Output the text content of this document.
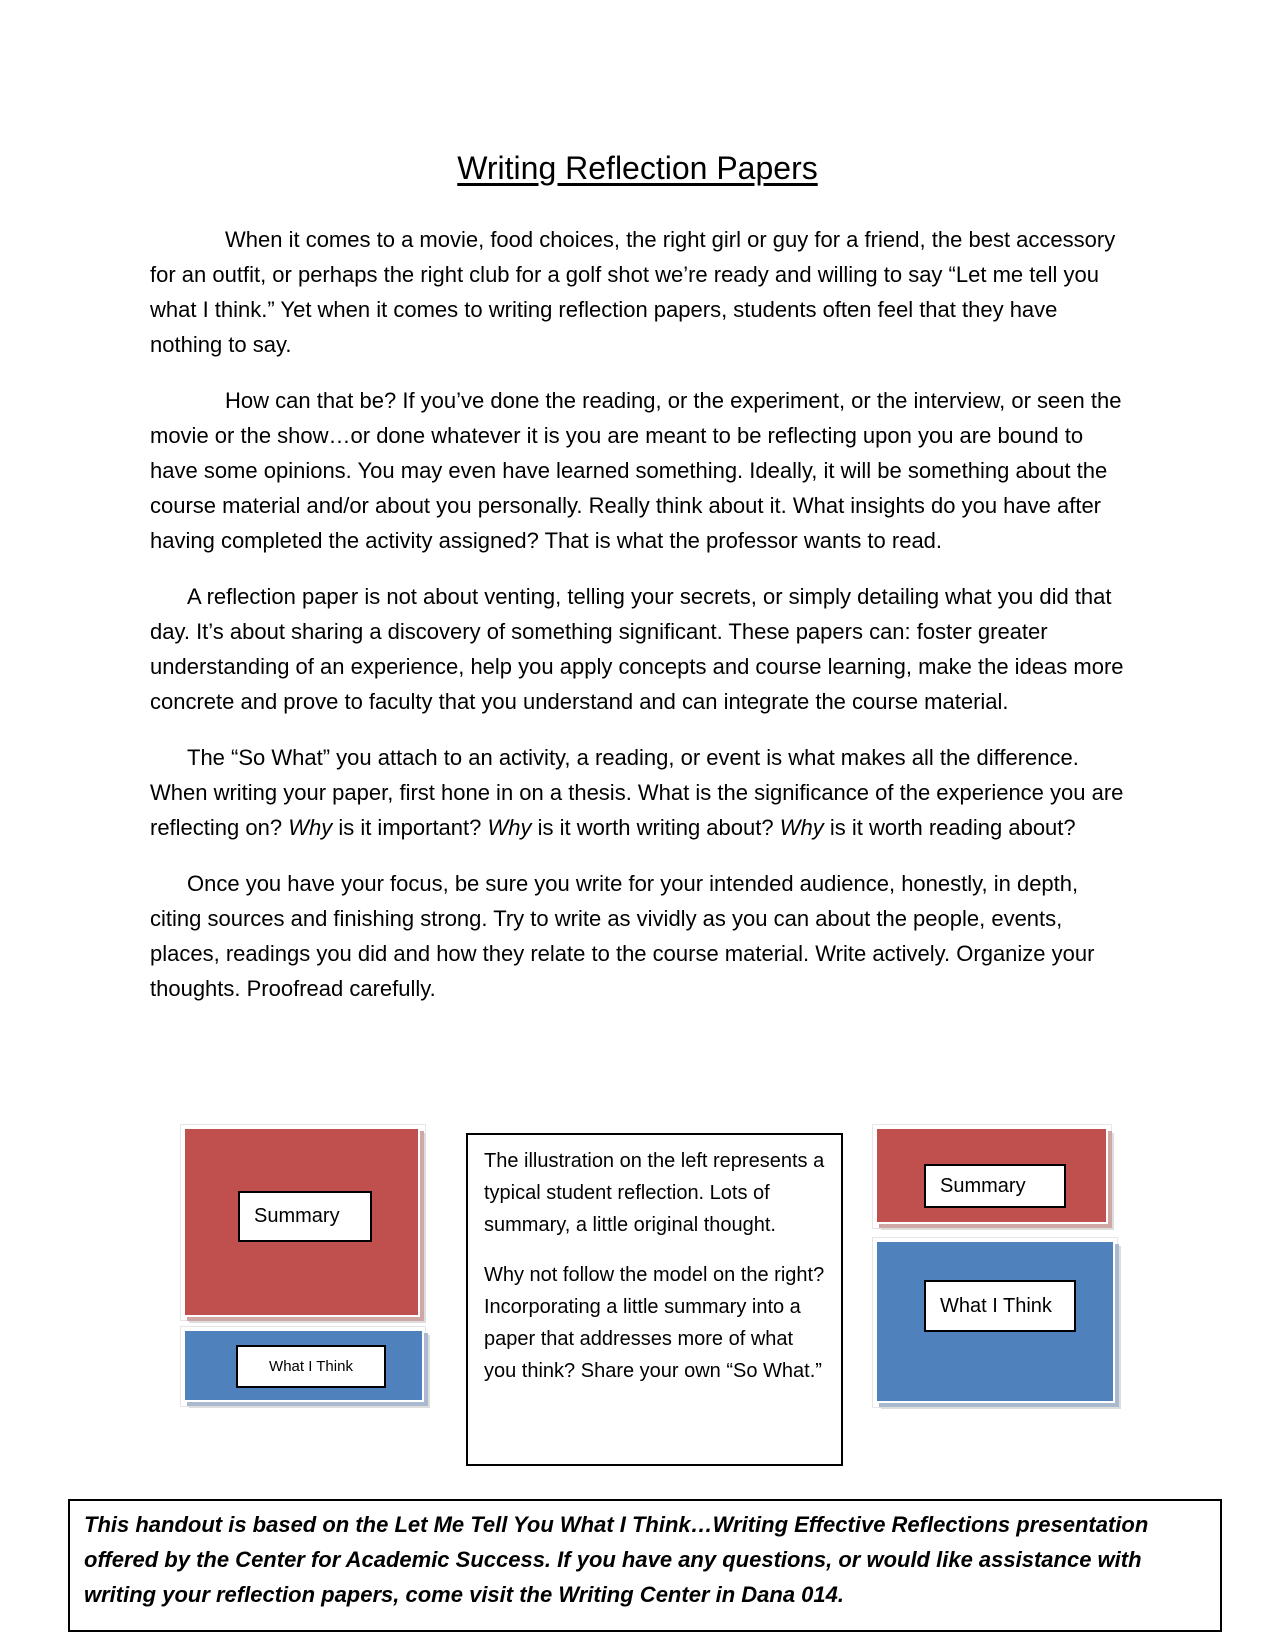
Writing Reflection Papers

When it comes to a movie, food choices, the right girl or guy for a friend, the best accessory for an outfit, or perhaps the right club for a golf shot we’re ready and willing to say “Let me tell you what I think.” Yet when it comes to writing reflection papers, students often feel that they have nothing to say.

How can that be? If you’ve done the reading, or the experiment, or the interview, or seen the movie or the show…or done whatever it is you are meant to be reflecting upon you are bound to have some opinions. You may even have learned something. Ideally, it will be something about the course material and/or about you personally. Really think about it. What insights do you have after having completed the activity assigned? That is what the professor wants to read.

A reflection paper is not about venting, telling your secrets, or simply detailing what you did that day. It’s about sharing a discovery of something significant. These papers can: foster greater understanding of an experience, help you apply concepts and course learning, make the ideas more concrete and prove to faculty that you understand and can integrate the course material.

The “So What” you attach to an activity, a reading, or event is what makes all the difference. When writing your paper, first hone in on a thesis. What is the significance of the experience you are reflecting on? Why is it important? Why is it worth writing about? Why is it worth reading about?

Once you have your focus, be sure you write for your intended audience, honestly, in depth, citing sources and finishing strong. Try to write as vividly as you can about the people, events, places, readings you did and how they relate to the course material. Write actively. Organize your thoughts. Proofread carefully.

Summary
What I Think

The illustration on the left represents a typical student reflection. Lots of summary, a little original thought.

Why not follow the model on the right? Incorporating a little summary into a paper that addresses more of what you think? Share your own “So What.”

Summary
What I Think
This handout is based on the Let Me Tell You What I Think…Writing Effective Reflections presentation offered by the Center for Academic Success. If you have any questions, or would like assistance with writing your reflection papers, come visit the Writing Center in Dana 014.
